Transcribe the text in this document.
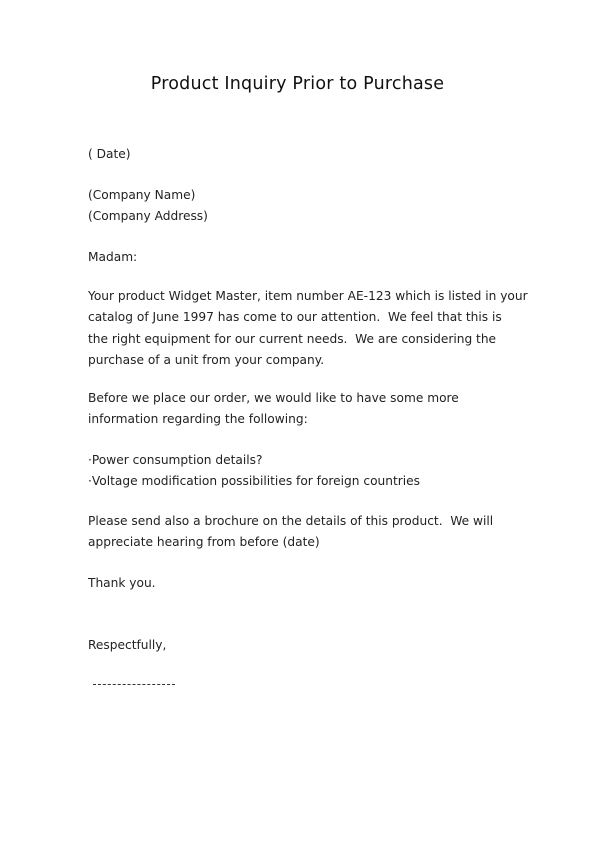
Product Inquiry Prior to Purchase
( Date)
(Company Name)
(Company Address)
Madam:
Your product Widget Master, item number AE-123 which is listed in your
catalog of June 1997 has come to our attention.  We feel that this is
the right equipment for our current needs.  We are considering the
purchase of a unit from your company.
Before we place our order, we would like to have some more
information regarding the following:
·Power consumption details?
·Voltage modification possibilities for foreign countries
Please send also a brochure on the details of this product.  We will
appreciate hearing from before (date)
Thank you.
Respectfully,
